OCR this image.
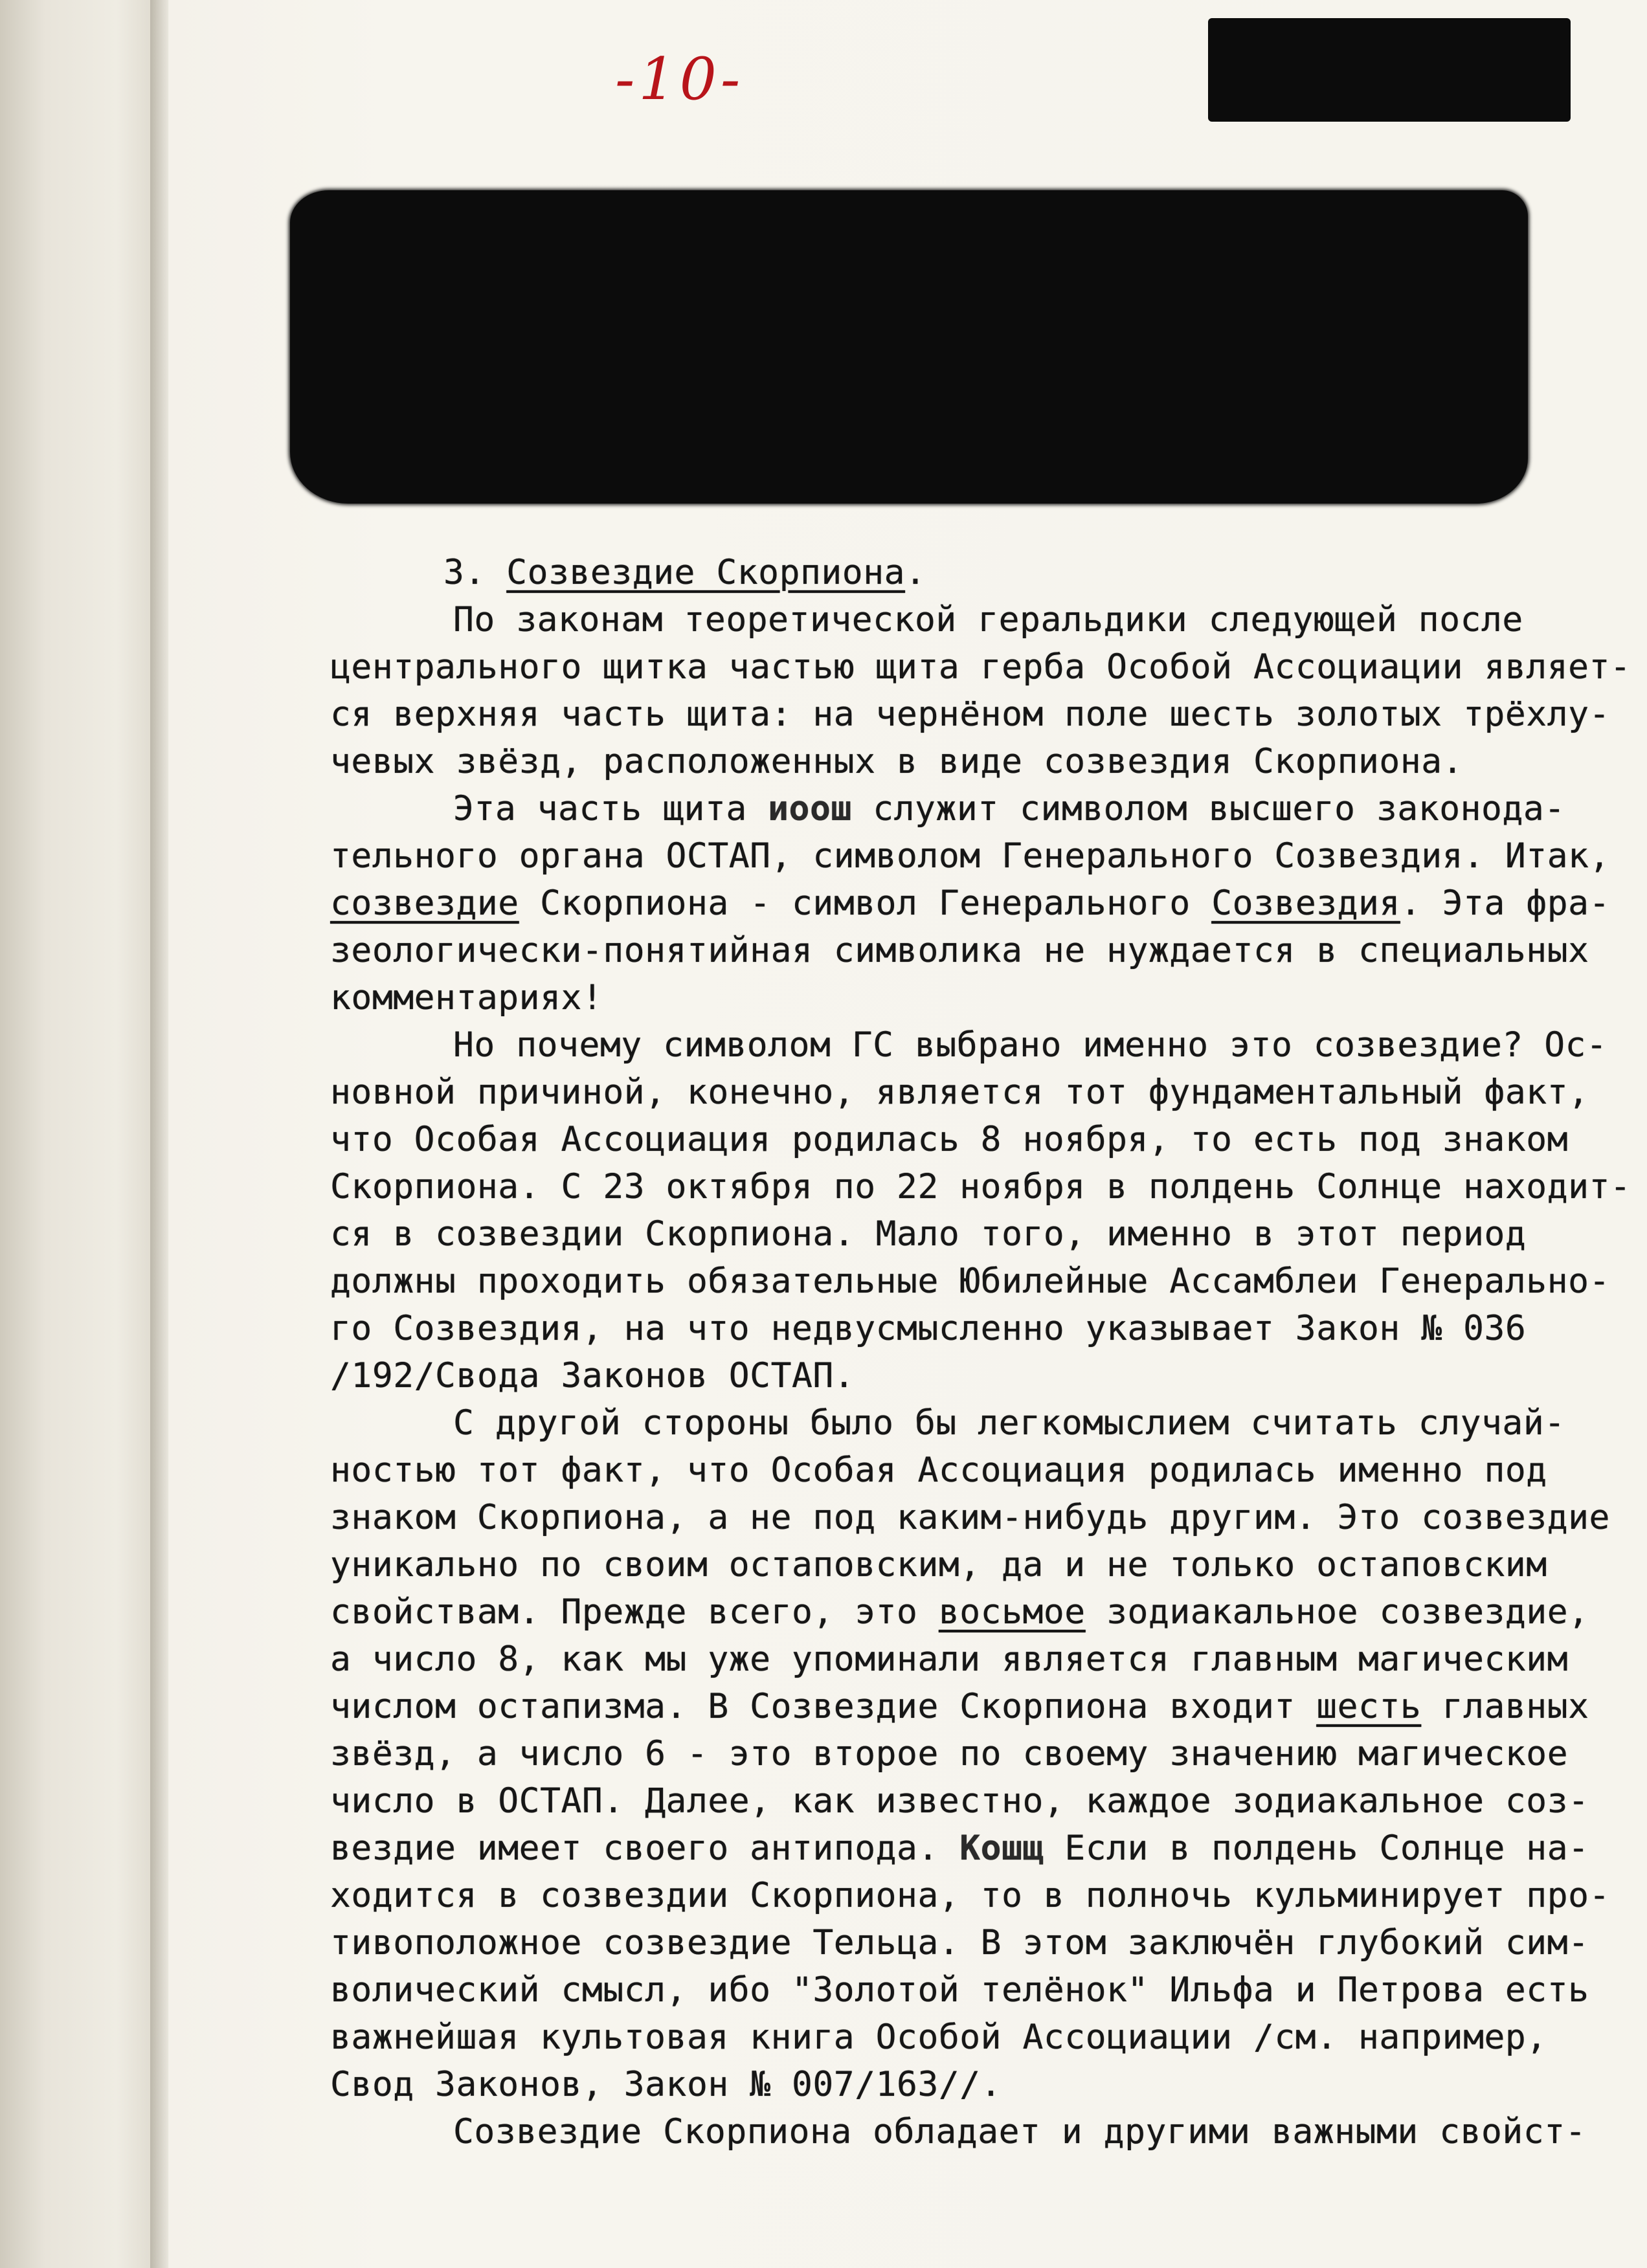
-10-
3. Созвездие Скорпиона.
По законам теоретической геральдики следующей после
центрального щитка частью щита герба Особой Ассоциации являет-
ся верхняя часть щита: на чернёном поле шесть золотых трёхлу-
чевых звёзд, расположенных в виде созвездия Скорпиона.
Эта часть щита иоош служит символом высшего законода-
тельного органа ОСТАП, символом Генерального Созвездия. Итак,
созвездие Скорпиона - символ Генерального Созвездия. Эта фра-
зеологически-понятийная символика не нуждается в специальных
комментариях!
Но почему символом ГС выбрано именно это созвездие? Ос-
новной причиной, конечно, является тот фундаментальный факт,
что Особая Ассоциация родилась 8 ноября, то есть под знаком
Скорпиона. С 23 октября по 22 ноября в полдень Солнце находит-
ся в созвездии Скорпиона. Мало того, именно в этот период
должны проходить обязательные Юбилейные Ассамблеи Генерально-
го Созвездия, на что недвусмысленно указывает Закон № 036
/192/Свода Законов ОСТАП.
С другой стороны было бы легкомыслием считать случай-
ностью тот факт, что Особая Ассоциация родилась именно под
знаком Скорпиона, а не под каким-нибудь другим. Это созвездие
уникально по своим остаповским, да и не только остаповским
свойствам. Прежде всего, это восьмое зодиакальное созвездие,
а число 8, как мы уже упоминали является главным магическим
числом остапизма. В Созвездие Скорпиона входит шесть главных
звёзд, а число 6 - это второе по своему значению магическое
число в ОСТАП. Далее, как известно, каждое зодиакальное соз-
вездие имеет своего антипода. Кошщ Если в полдень Солнце на-
ходится в созвездии Скорпиона, то в полночь кульминирует про-
тивоположное созвездие Тельца. В этом заключён глубокий сим-
волический смысл, ибо "Золотой телёнок" Ильфа и Петрова есть
важнейшая культовая книга Особой Ассоциации /см. например,
Свод Законов, Закон № 007/163//.
Созвездие Скорпиона обладает и другими важными свойст-
